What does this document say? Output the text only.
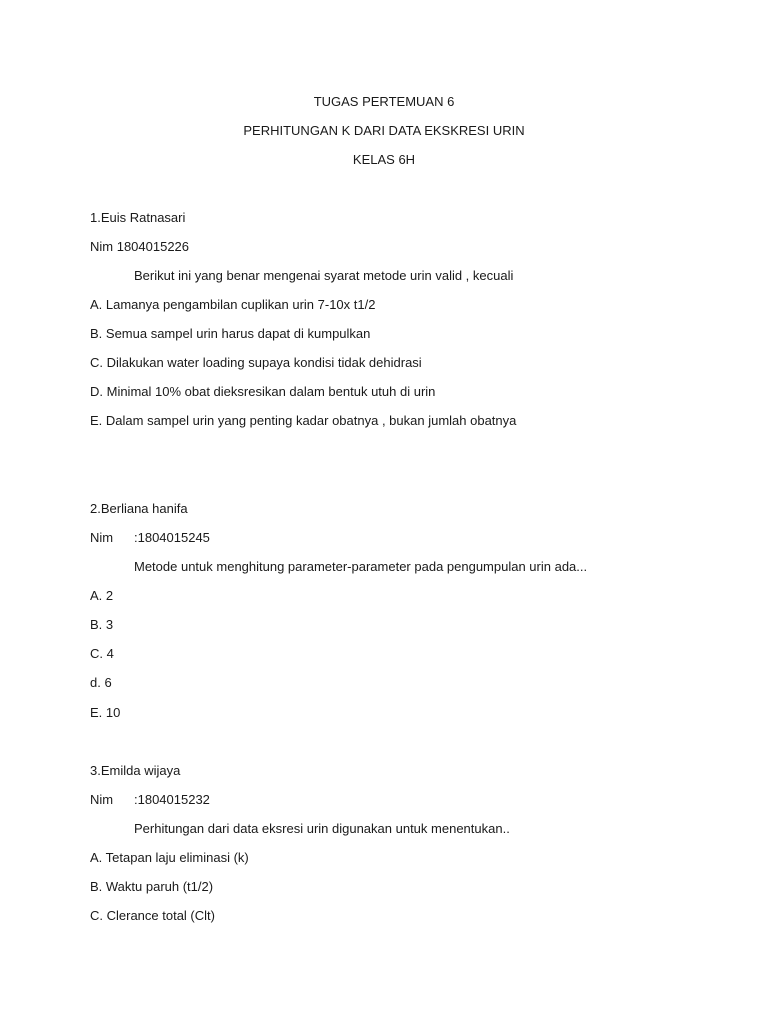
TUGAS PERTEMUAN 6
PERHITUNGAN K DARI DATA EKSKRESI URIN
KELAS 6H
1.Euis Ratnasari
Nim 1804015226
Berikut ini yang benar mengenai syarat metode urin valid , kecuali
A. Lamanya pengambilan cuplikan urin 7-10x t1/2
B. Semua sampel urin harus dapat di kumpulkan
C. Dilakukan water loading supaya kondisi tidak dehidrasi
D. Minimal 10% obat dieksresikan dalam bentuk utuh di urin
E. Dalam sampel urin yang penting kadar obatnya , bukan jumlah obatnya
2.Berliana hanifa
Nim :1804015245
Metode untuk menghitung parameter-parameter pada pengumpulan urin ada...
A. 2
B. 3
C. 4
d. 6
E. 10
3.Emilda wijaya
Nim :1804015232
Perhitungan dari data eksresi urin digunakan untuk menentukan..
A. Tetapan laju eliminasi (k)
B. Waktu paruh (t1/2)
C. Clerance total (Clt)
